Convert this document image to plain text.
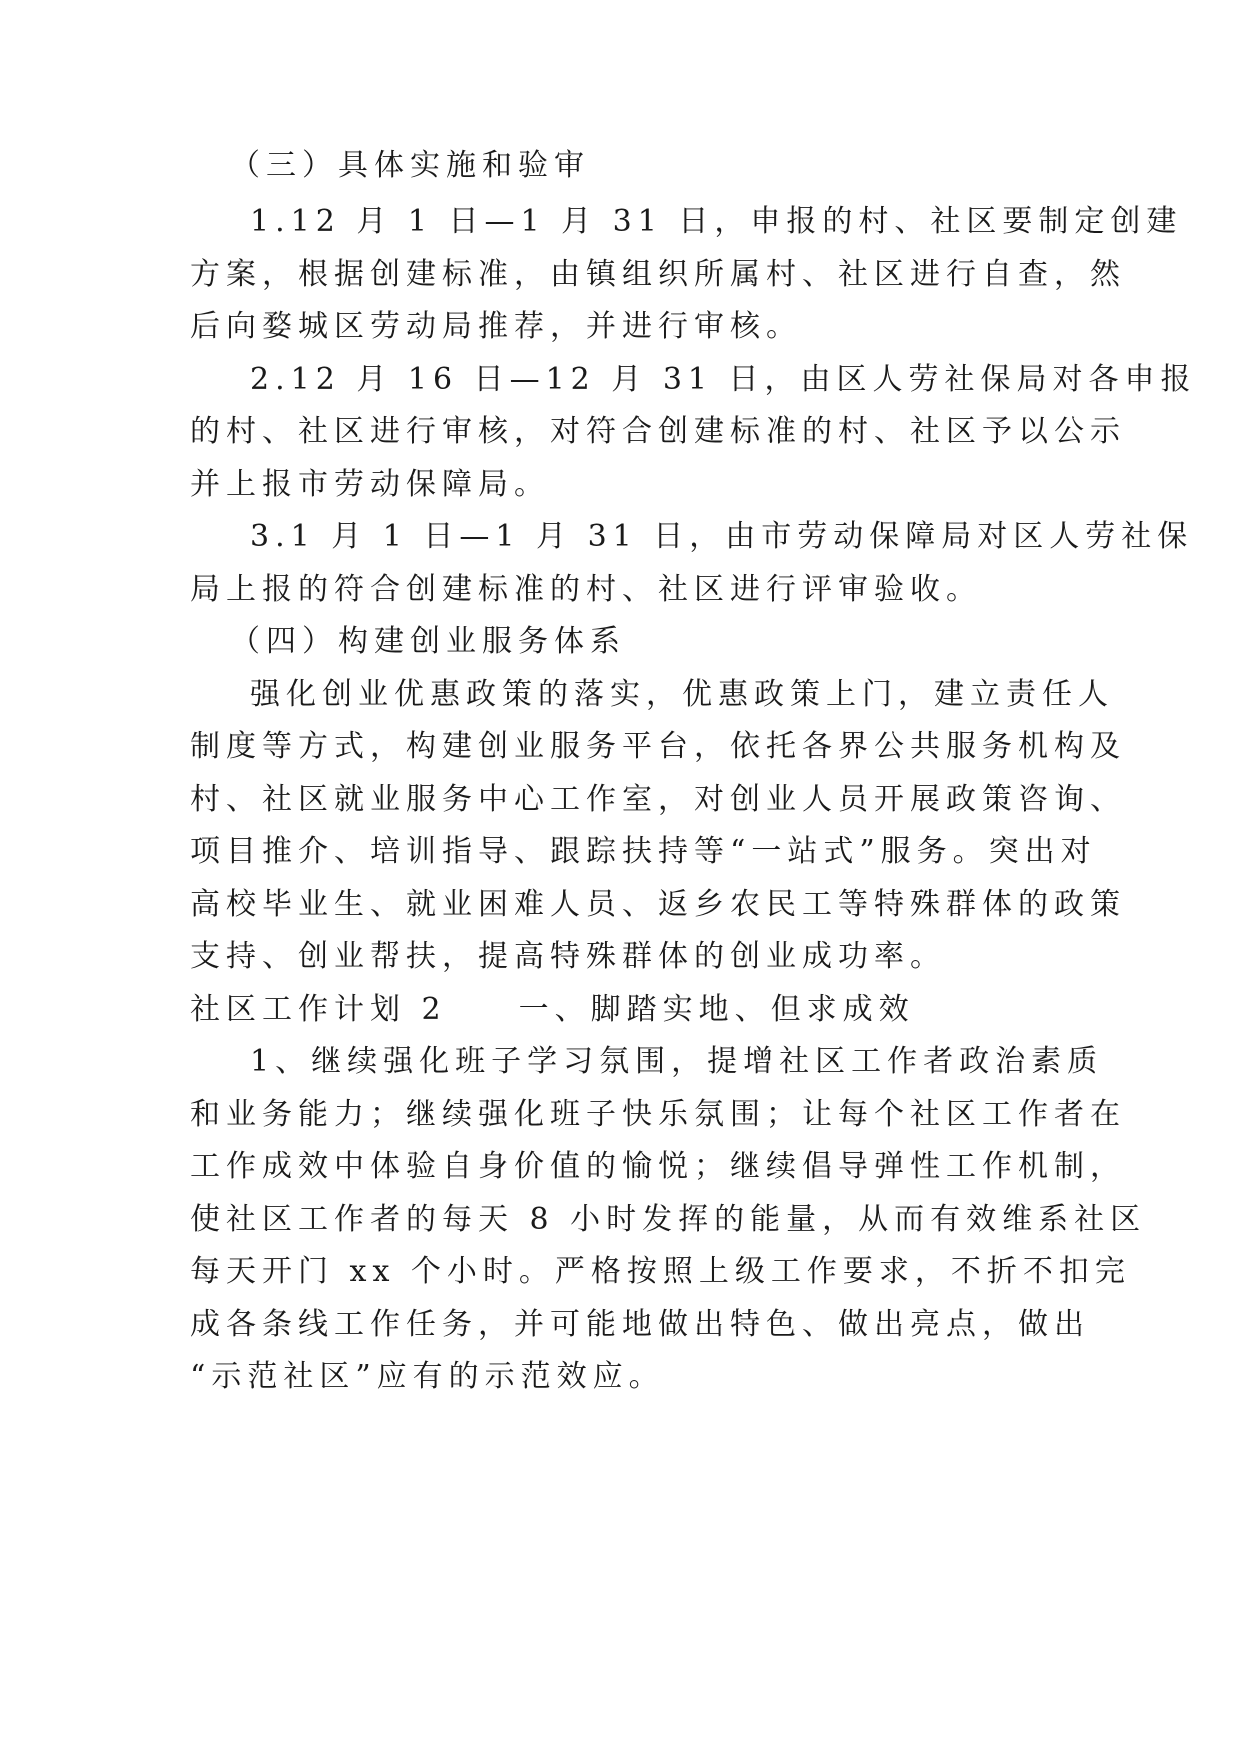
（三）具体实施和验审
1.12 月 1 日—1 月 31 日，申报的村、社区要制定创建
方案，根据创建标准，由镇组织所属村、社区进行自查，然
后向婺城区劳动局推荐，并进行审核。
2.12 月 16 日—12 月 31 日，由区人劳社保局对各申报
的村、社区进行审核，对符合创建标准的村、社区予以公示
并上报市劳动保障局。
3.1 月 1 日—1 月 31 日，由市劳动保障局对区人劳社保
局上报的符合创建标准的村、社区进行评审验收。
（四）构建创业服务体系
强化创业优惠政策的落实，优惠政策上门，建立责任人
制度等方式，构建创业服务平台，依托各界公共服务机构及
村、社区就业服务中心工作室，对创业人员开展政策咨询、
项目推介、培训指导、跟踪扶持等“一站式”服务。突出对
高校毕业生、就业困难人员、返乡农民工等特殊群体的政策
支持、创业帮扶，提高特殊群体的创业成功率。
社区工作计划 2　　一、脚踏实地、但求成效
1、继续强化班子学习氛围，提增社区工作者政治素质
和业务能力；继续强化班子快乐氛围；让每个社区工作者在
工作成效中体验自身价值的愉悦；继续倡导弹性工作机制，
使社区工作者的每天 8 小时发挥的能量，从而有效维系社区
每天开门 xx 个小时。严格按照上级工作要求，不折不扣完
成各条线工作任务，并可能地做出特色、做出亮点，做出
“示范社区”应有的示范效应。
